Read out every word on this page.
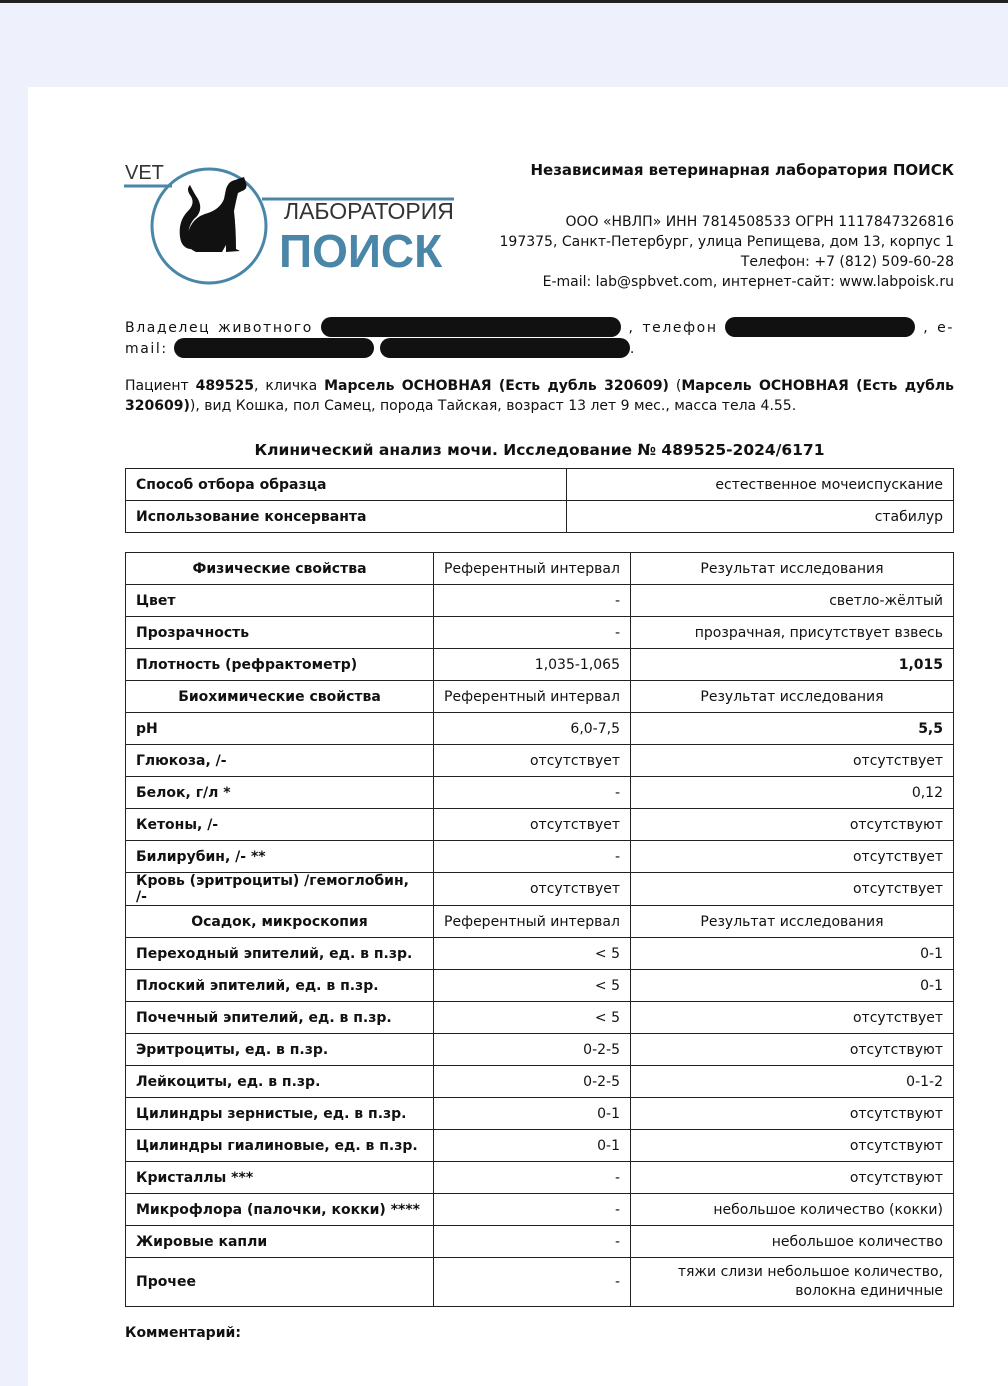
VET
ЛАБОРАТОРИЯ
ПОИСК
Независимая ветеринарная лаборатория ПОИСК
ООО «НВЛП» ИНН 7814508533 ОГРН 1117847326816
197375, Санкт-Петербург, улица Репищева, дом 13, корпус 1
Телефон: +7 (812) 509-60-28
E-mail: lab@spbvet.com, интернет-сайт: www.labpoisk.ru
Владелец животного	, телефон	, e-mail:	.
Пациент 489525, кличка Марсель ОСНОВНАЯ (Есть дубль 320609) (Марсель ОСНОВНАЯ (Есть дубль 320609)), вид Кошка, пол Самец, порода Тайская, возраст 13 лет 9 мес., масса тела 4.55.
Клинический анализ мочи. Исследование № 489525-2024/6171
Способ отбора образца	естественное мочеиспускание
Использование консерванта	стабилур
Физические свойства	Референтный интервал	Результат исследования
Цвет	-	светло-жёлтый
Прозрачность	-	прозрачная, присутствует взвесь
Плотность (рефрактометр)	1,035-1,065	1,015
Биохимические свойства	Референтный интервал	Результат исследования
pH	6,0-7,5	5,5
Глюкоза, /-	отсутствует	отсутствует
Белок, г/л *	-	0,12
Кетоны, /-	отсутствует	отсутствуют
Билирубин, /- **	-	отсутствует
Кровь (эритроциты) /гемоглобин, /-	отсутствует	отсутствует
Осадок, микроскопия	Референтный интервал	Результат исследования
Переходный эпителий, ед. в п.зр.	< 5	0-1
Плоский эпителий, ед. в п.зр.	< 5	0-1
Почечный эпителий, ед. в п.зр.	< 5	отсутствует
Эритроциты, ед. в п.зр.	0-2-5	отсутствуют
Лейкоциты, ед. в п.зр.	0-2-5	0-1-2
Цилиндры зернистые, ед. в п.зр.	0-1	отсутствуют
Цилиндры гиалиновые, ед. в п.зр.	0-1	отсутствуют
Кристаллы ***	-	отсутствуют
Микрофлора (палочки, кокки) ****	-	небольшое количество (кокки)
Жировые капли	-	небольшое количество
Прочее	-	тяжи слизи небольшое количество,
волокна единичные
Комментарий:
